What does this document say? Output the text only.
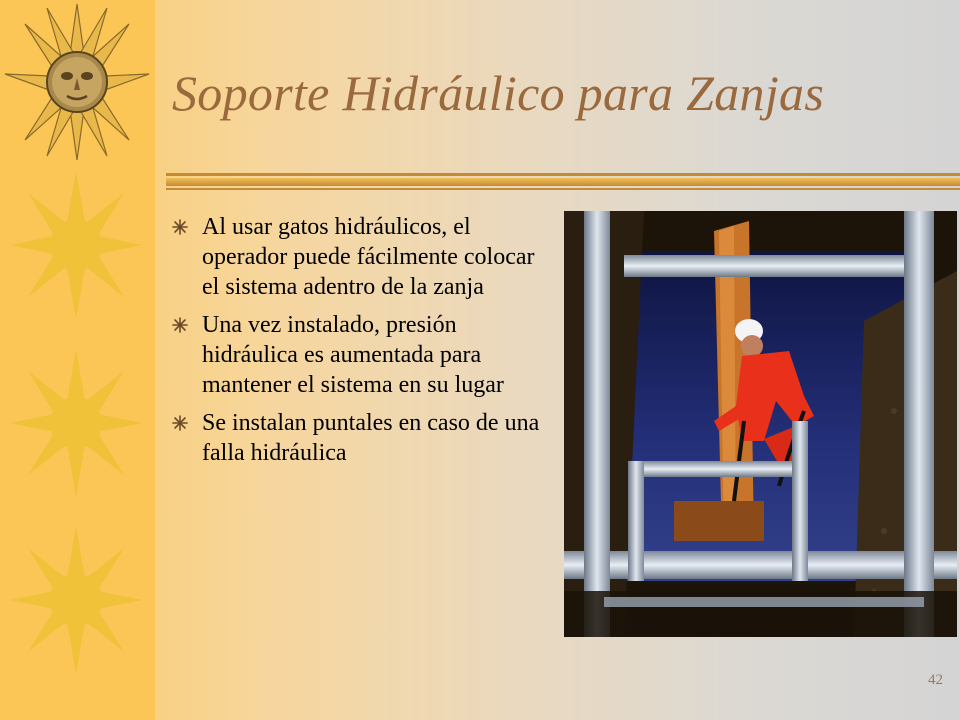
Soporte Hidráulico para Zanjas
Al usar gatos hidráulicos, el operador puede fácilmente colocar el sistema adentro de la zanja
Una vez instalado, presión hidráulica es aumentada para mantener el sistema en su lugar
Se instalan puntales en caso de una falla hidráulica
42
